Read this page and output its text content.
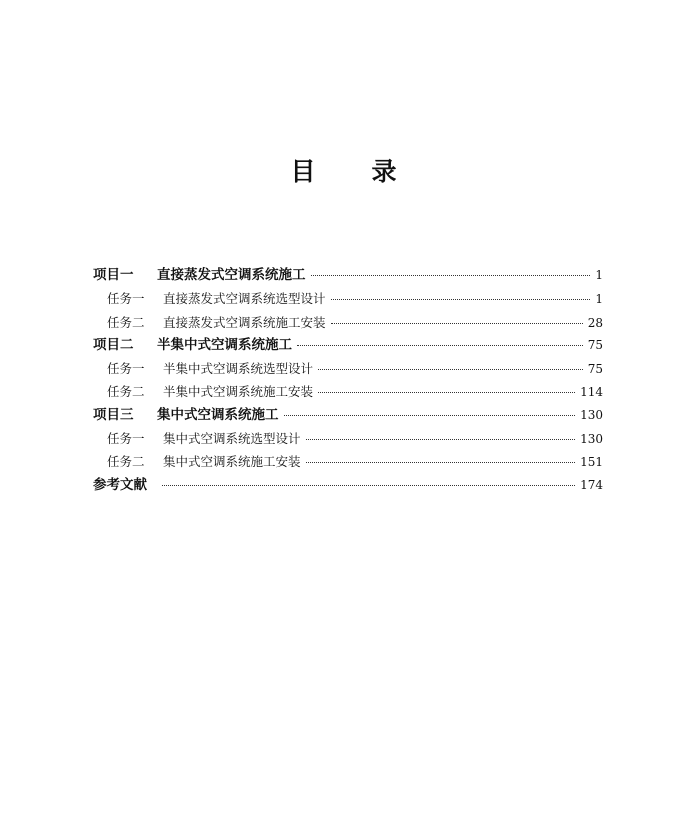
目 录
项目一	直接蒸发式空调系统施工	1
任务一	直接蒸发式空调系统选型设计	1
任务二	直接蒸发式空调系统施工安装	28
项目二	半集中式空调系统施工	75
任务一	半集中式空调系统选型设计	75
任务二	半集中式空调系统施工安装	114
项目三	集中式空调系统施工	130
任务一	集中式空调系统选型设计	130
任务二	集中式空调系统施工安装	151
参考文献	174
